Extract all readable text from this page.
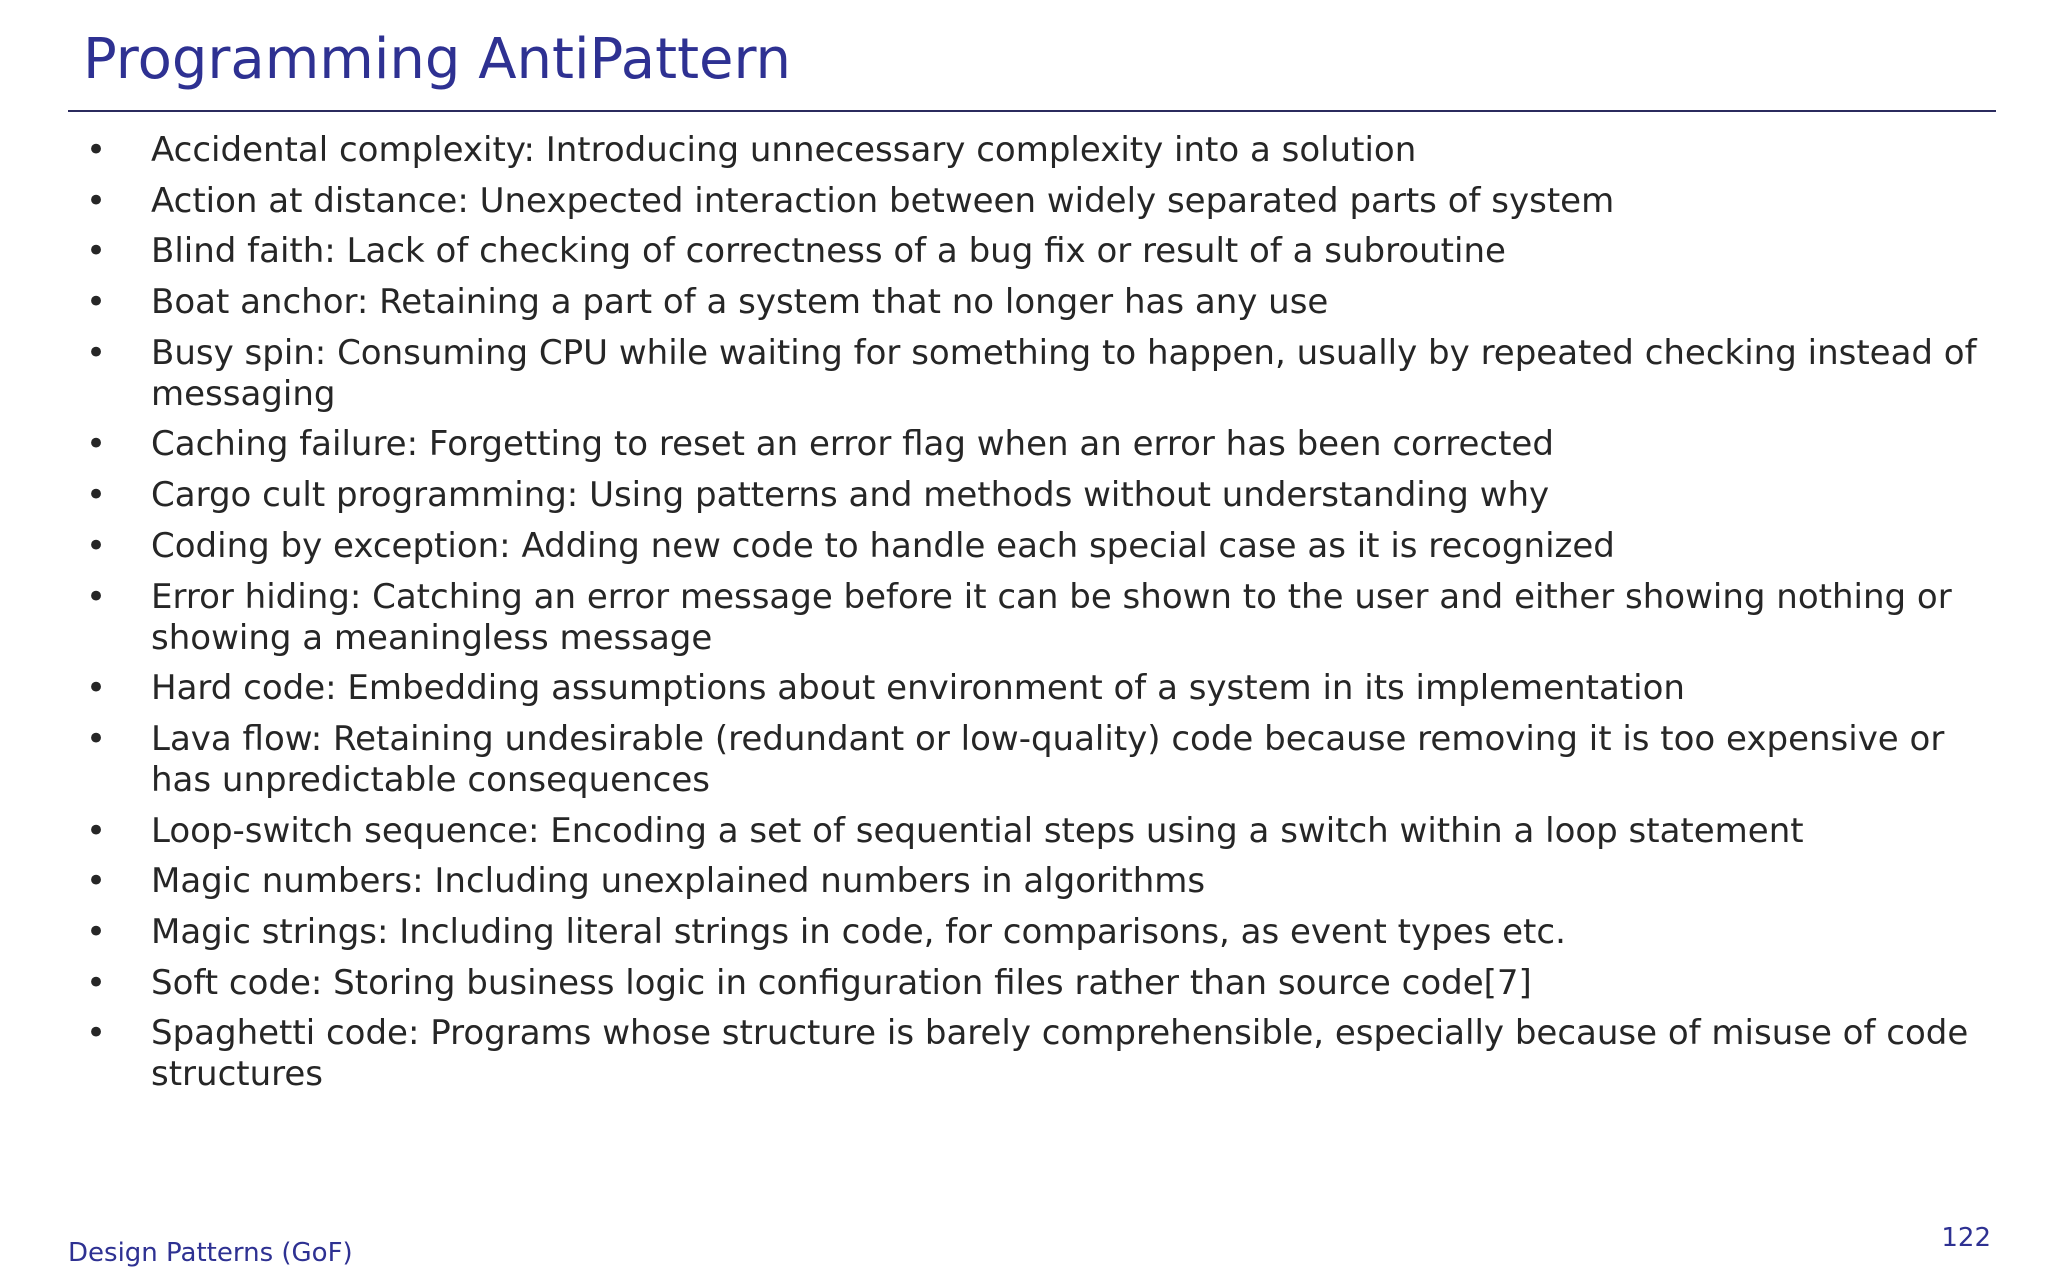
Programming AntiPattern
• Accidental complexity: Introducing unnecessary complexity into a solution
• Action at distance: Unexpected interaction between widely separated parts of system
• Blind faith: Lack of checking of correctness of a bug fix or result of a subroutine
• Boat anchor: Retaining a part of a system that no longer has any use
• Busy spin: Consuming CPU while waiting for something to happen, usually by repeated checking instead of messaging
• Caching failure: Forgetting to reset an error flag when an error has been corrected
• Cargo cult programming: Using patterns and methods without understanding why
• Coding by exception: Adding new code to handle each special case as it is recognized
• Error hiding: Catching an error message before it can be shown to the user and either showing nothing or showing a meaningless message
• Hard code: Embedding assumptions about environment of a system in its implementation
• Lava flow: Retaining undesirable (redundant or low-quality) code because removing it is too expensive or has unpredictable consequences
• Loop-switch sequence: Encoding a set of sequential steps using a switch within a loop statement
• Magic numbers: Including unexplained numbers in algorithms
• Magic strings: Including literal strings in code, for comparisons, as event types etc.
• Soft code: Storing business logic in configuration files rather than source code[7]
• Spaghetti code: Programs whose structure is barely comprehensible, especially because of misuse of code structures
Design Patterns (GoF)	122
